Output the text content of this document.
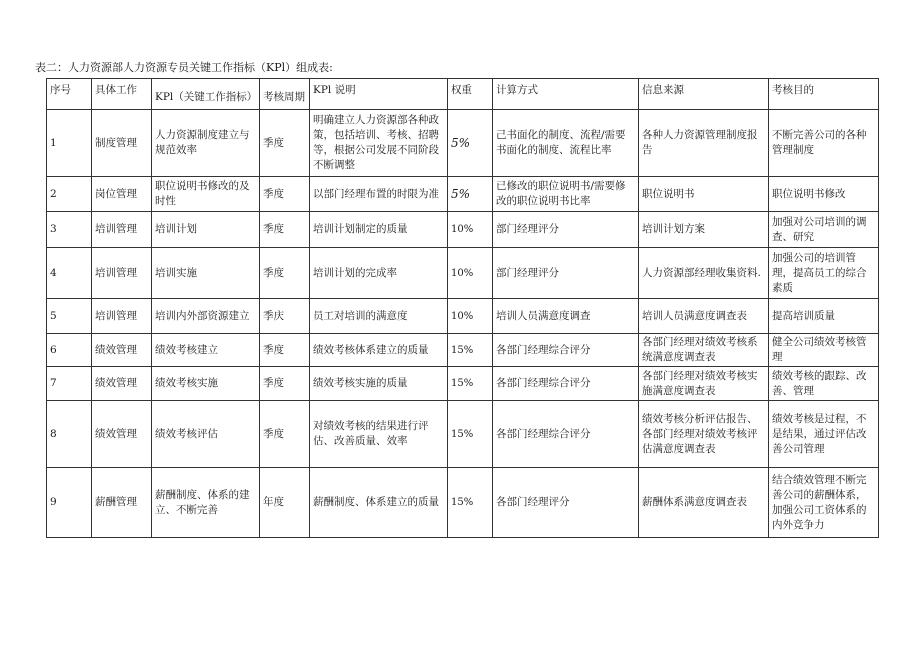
表二：人力资源部人力资源专员关键工作指标（KPl）组成表:
序号	具体工作	KPl（关键工作指标）	考核周期	KPl 说明	权重	计算方式	信息来源	考核目的
1	制度管理	人力资源制度建立与规范效率	季度	明确建立人力资源部各种政策，包括培训、考核、招聘等，根据公司发展不同阶段不断调整	5%	己书面化的制度、流程/需要书面化的制度、流程比率	各种人力资源管理制度报告	不断完善公司的各种管理制度
2	岗位管理	职位说明书修改的及时性	季度	以部门经理布置的时限为准	5%	已修改的职位说明书/需要修改的职位说明书比率	职位说明书	职位说明书修改
3	培训管理	培训计划	季度	培训计划制定的质量	10%	部门经理评分	培训计划方案	加强对公司培训的调查、研究
4	培训管理	培训实施	季度	培训计划的完成率	10%	部门经理评分	人力资源部经理收集资料.	加强公司的培训管理，提高员工的综合素质
5	培训管理	培训内外部资源建立	季庆	员工对培训的满意度	10%	培训人员满意度调查	培训人员满意度调查表	提高培训质量
6	绩效管理	绩效考核建立	季度	绩效考核体系建立的质量	15%	各部门经理综合评分	各部门经理对绩效考核系统满意度调查表	健全公司绩效考核管理
7	绩效管理	绩效考核实施	季度	绩效考核实施的质量	15%	各部门经理综合评分	各部门经理对绩效考核实施满意度调查表	绩效考核的跟踪、改善、管理
8	绩效管理	绩效考核评估	季度	对绩效考核的结果进行评估、改善质量、效率	15%	各部门经理综合评分	绩效考核分析评估报告、各部门经理对绩效考核评估满意度调查表	绩效考核是过程，不是结果，通过评估改善公司管理
9	薪酬管理	薪酬制度、体系的建立、不断完善	年度	薪酬制度、体系建立的质量	15%	各部门经理评分	薪酬体系满意度调查表	结合绩效管理不断完善公司的薪酬体系，加强公司工资体系的内外竞争力
